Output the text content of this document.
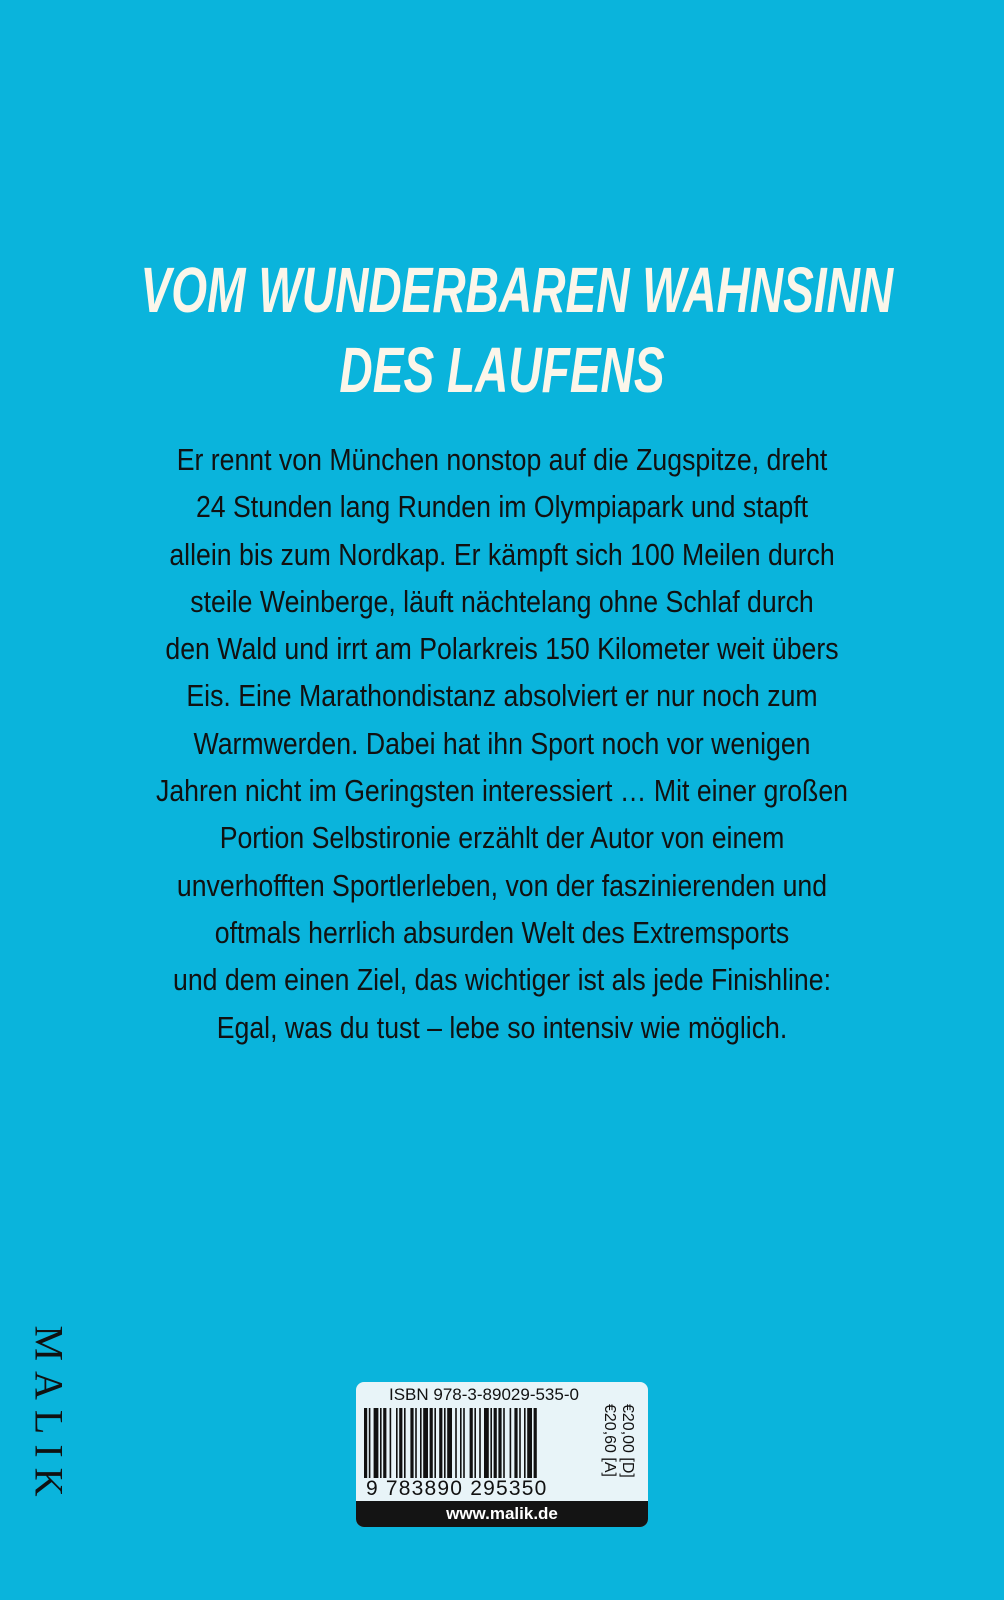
VOM WUNDERBAREN WAHNSINN
DES LAUFENS
Er rennt von München nonstop auf die Zugspitze, dreht
24 Stunden lang Runden im Olympiapark und stapft
allein bis zum Nordkap. Er kämpft sich 100 Meilen durch
steile Weinberge, läuft nächtelang ohne Schlaf durch
den Wald und irrt am Polarkreis 150 Kilometer weit übers
Eis. Eine Marathondistanz absolviert er nur noch zum
Warmwerden. Dabei hat ihn Sport noch vor wenigen
Jahren nicht im Geringsten interessiert … Mit einer großen
Portion Selbstironie erzählt der Autor von einem
unverhofften Sportlerleben, von der faszinierenden und
oftmals herrlich absurden Welt des Extremsports
und dem einen Ziel, das wichtiger ist als jede Finishline:
Egal, was du tust – lebe so intensiv wie möglich.
MALIK	ISBN 978-3-89029-535-0
9 783890 295350
€20,00 [D]
€20,60 [A]
www.malik.de
